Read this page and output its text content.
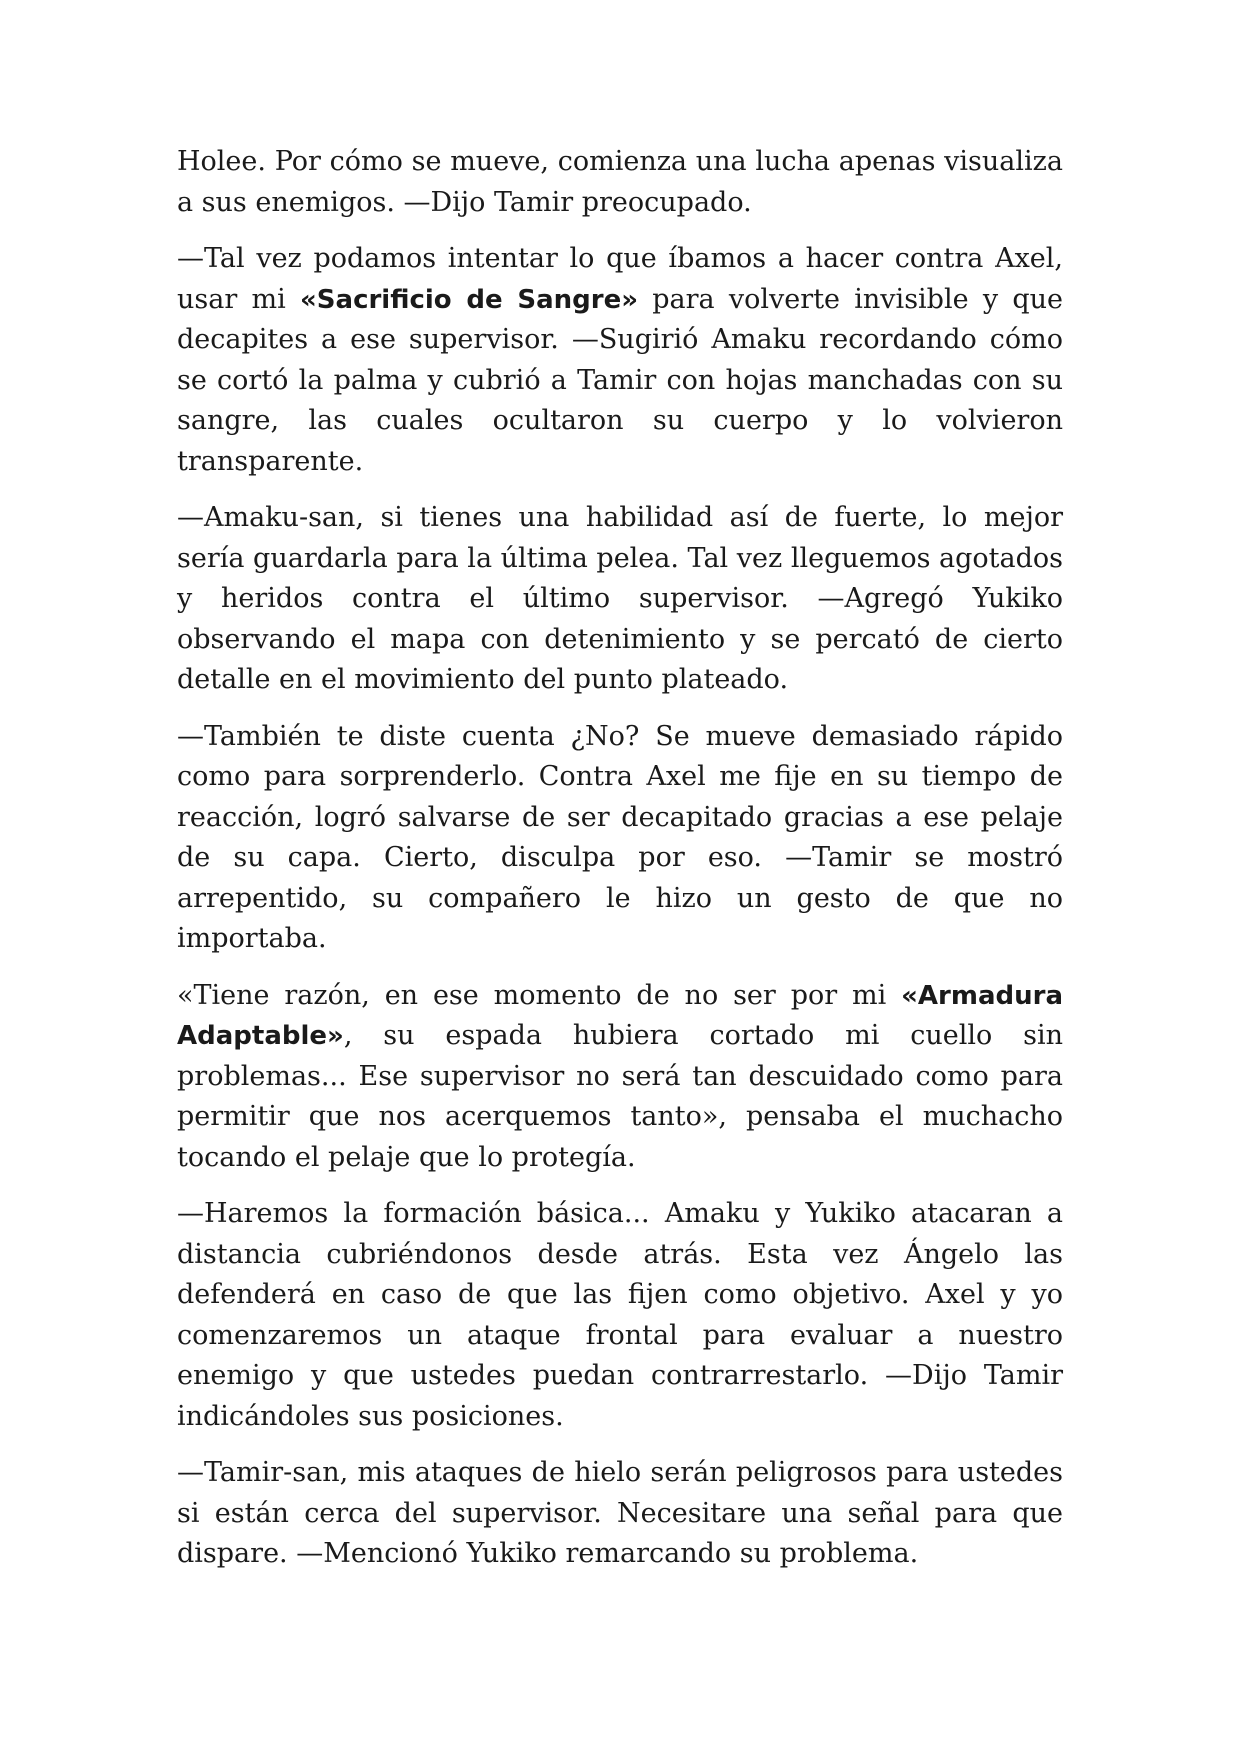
Holee. Por cómo se mueve, comienza una lucha apenas visualiza a sus enemigos. —Dijo Tamir preocupado.

—Tal vez podamos intentar lo que íbamos a hacer contra Axel, usar mi «Sacrificio de Sangre» para volverte invisible y que decapites a ese supervisor. —Sugirió Amaku recordando cómo se cortó la palma y cubrió a Tamir con hojas manchadas con su sangre, las cuales ocultaron su cuerpo y lo volvieron transparente.

—Amaku-san, si tienes una habilidad así de fuerte, lo mejor sería guardarla para la última pelea. Tal vez lleguemos agotados y heridos contra el último supervisor. —Agregó Yukiko observando el mapa con detenimiento y se percató de cierto detalle en el movimiento del punto plateado.

—También te diste cuenta ¿No? Se mueve demasiado rápido como para sorprenderlo. Contra Axel me fije en su tiempo de reacción, logró salvarse de ser decapitado gracias a ese pelaje de su capa. Cierto, disculpa por eso. —Tamir se mostró arrepentido, su compañero le hizo un gesto de que no importaba.

«Tiene razón, en ese momento de no ser por mi «Armadura Adaptable», su espada hubiera cortado mi cuello sin problemas... Ese supervisor no será tan descuidado como para permitir que nos acerquemos tanto», pensaba el muchacho tocando el pelaje que lo protegía.

—Haremos la formación básica... Amaku y Yukiko atacaran a distancia cubriéndonos desde atrás. Esta vez Ángelo las defenderá en caso de que las fijen como objetivo. Axel y yo comenzaremos un ataque frontal para evaluar a nuestro enemigo y que ustedes puedan contrarrestarlo. —Dijo Tamir indicándoles sus posiciones.

—Tamir-san, mis ataques de hielo serán peligrosos para ustedes si están cerca del supervisor. Necesitare una señal para que dispare. —Mencionó Yukiko remarcando su problema.
